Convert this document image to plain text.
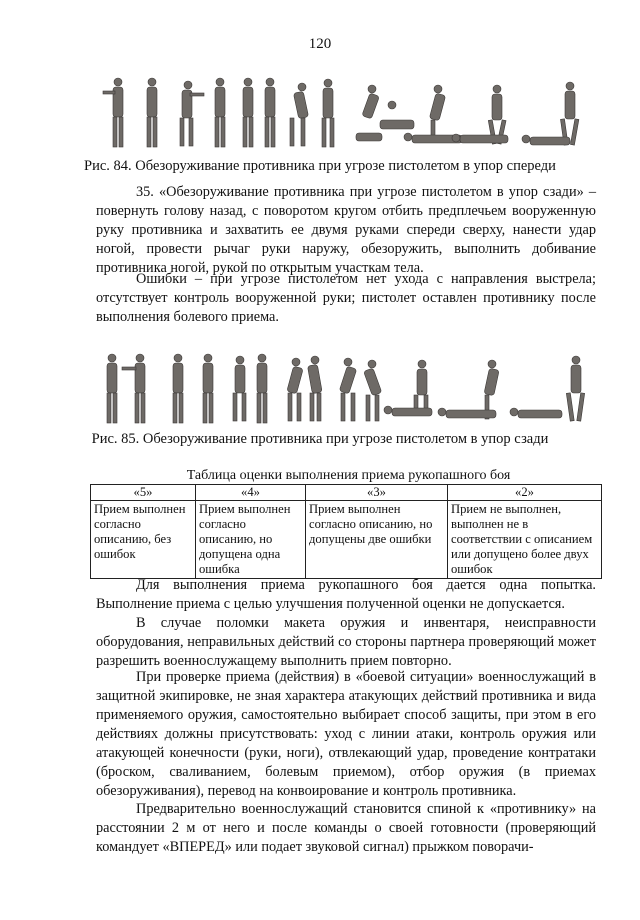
120
Рис. 84. Обезоруживание противника при угрозе пистолетом в упор спереди
35. «Обезоруживание противника при угрозе пистолетом в упор сзади» – повернуть голову назад, с поворотом кругом отбить предплечьем вооруженную руку противника и захватить ее двумя руками спереди сверху, нанести удар ногой, провести рычаг руки наружу, обезоружить, выполнить добивание противника ногой, рукой по открытым участкам тела.
Ошибки – при угрозе пистолетом нет ухода с направления выстрела; отсутствует контроль вооруженной руки; пистолет оставлен противнику после выполнения болевого приема.
Рис. 85. Обезоруживание противника при угрозе пистолетом в упор сзади
Таблица оценки выполнения приема рукопашного боя
«5»	«4»	«3»	«2»
Прием выполнен согласно описанию, без ошибок	Прием выполнен согласно описанию, но допущена одна ошибка	Прием выполнен согласно описанию, но допущены две ошибки	Прием не выполнен, выполнен не в соответствии с описанием или допущено более двух ошибок
Для выполнения приема рукопашного боя дается одна попытка. Выполнение приема с целью улучшения полученной оценки не допускается.
В случае поломки макета оружия и инвентаря, неисправности оборудования, неправильных действий со стороны партнера проверяющий может разрешить военнослужащему выполнить прием повторно.
При проверке приема (действия) в «боевой ситуации» военнослужащий в защитной экипировке, не зная характера атакующих действий противника и вида применяемого оружия, самостоятельно выбирает способ защиты, при этом в его действиях должны присутствовать: уход с линии атаки, контроль оружия или атакующей конечности (руки, ноги), отвлекающий удар, проведение контратаки (броском, сваливанием, болевым приемом), отбор оружия (в приемах обезоруживания), перевод на конвоирование и контроль противника.
Предварительно военнослужащий становится спиной к «противнику» на расстоянии 2 м от него и после команды о своей готовности (проверяющий командует «ВПЕРЕД» или подает звуковой сигнал) прыжком поворачи-
